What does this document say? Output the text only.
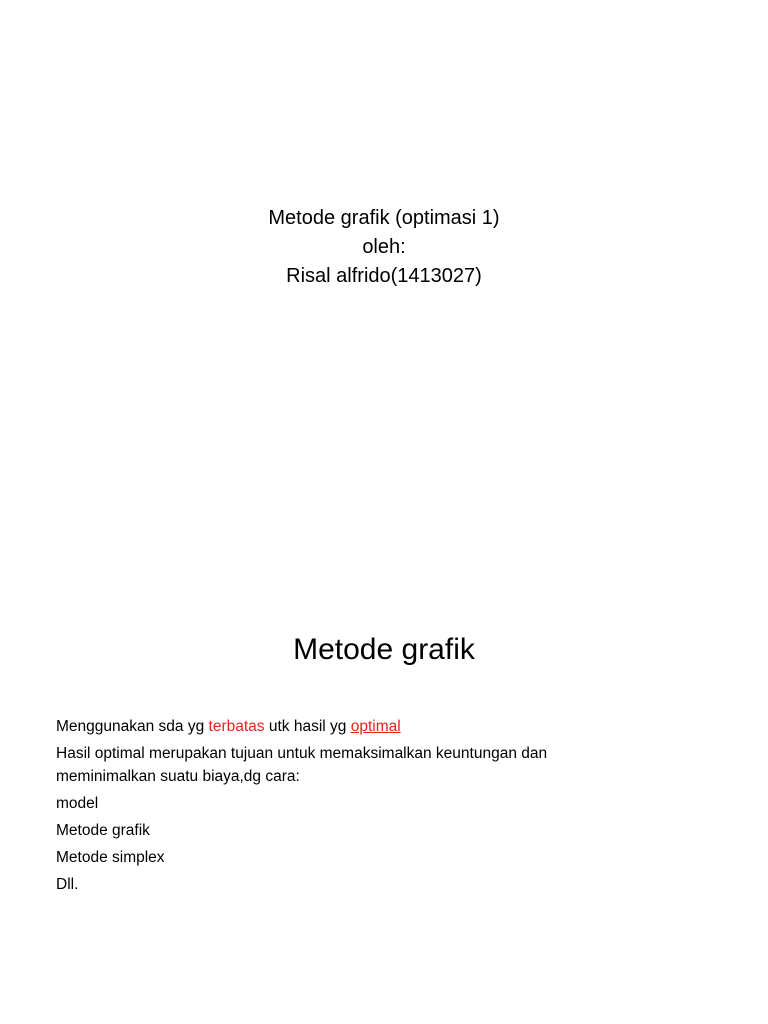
Metode grafik (optimasi 1)
oleh:
Risal alfrido(1413027)
Metode grafik
Menggunakan sda yg terbatas utk hasil yg optimal
Hasil optimal merupakan tujuan untuk memaksimalkan keuntungan dan
meminimalkan suatu biaya,dg cara:
model
Metode grafik
Metode simplex
Dll.
